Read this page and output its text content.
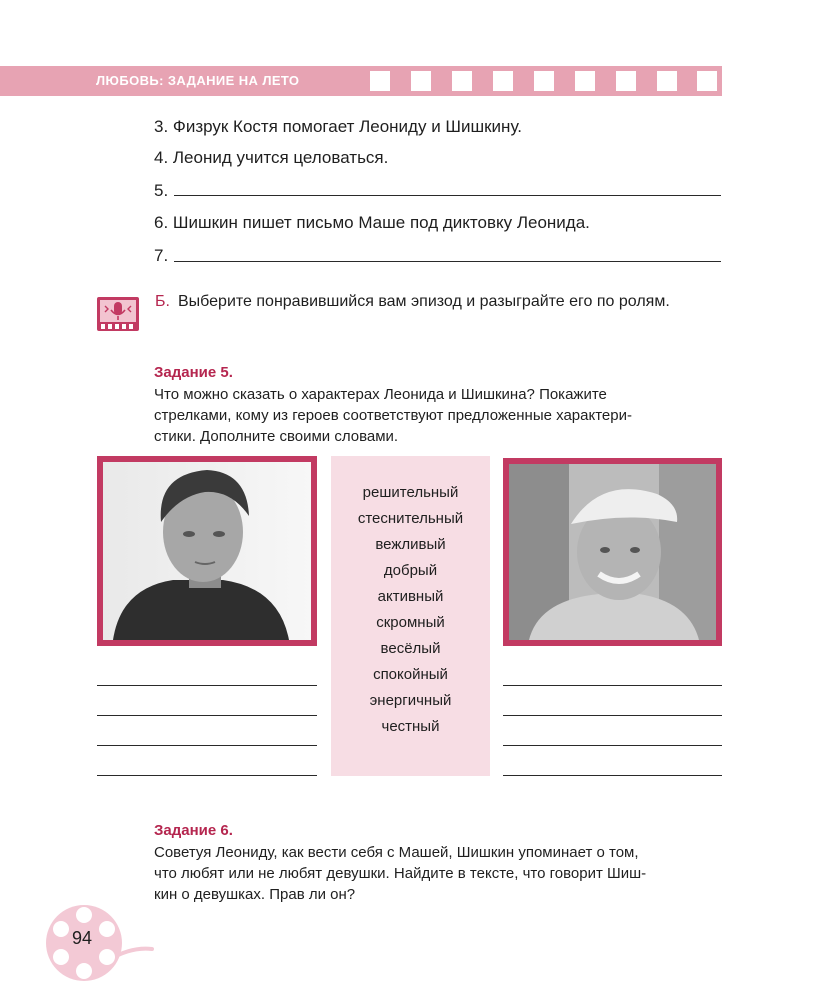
ЛЮБОВЬ: ЗАДАНИЕ НА ЛЕТО
3. Физрук Костя помогает Леониду и Шишкину.
4. Леонид учится целоваться.
5.
6. Шишкин пишет письмо Маше под диктовку Леонида.
7.
Б. Выберите понравившийся вам эпизод и разыграйте его по ролям.
Задание 5.
Что можно сказать о характерах Леонида и Шишкина? Покажите
стрелками, кому из героев соответствуют предложенные характери-
стики. Дополните своими словами.
решительный
стеснительный
вежливый
добрый
активный
скромный
весёлый
спокойный
энергичный
честный
Задание 6.
Советуя Леониду, как вести себя с Машей, Шишкин упоминает о том,
что любят или не любят девушки. Найдите в тексте, что говорит Шиш-
кин о девушках. Прав ли он?
94
